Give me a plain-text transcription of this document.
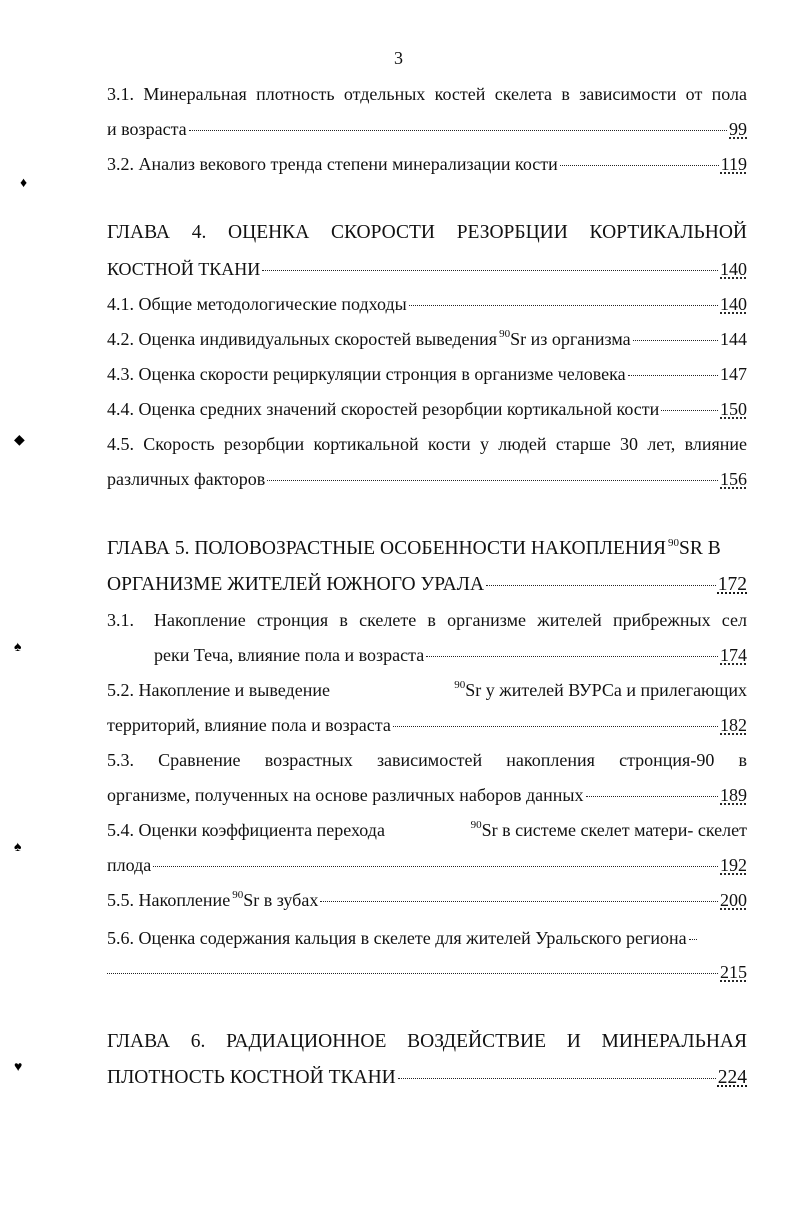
3
3.1. Минеральная плотность отдельных костей скелета в зависимости от пола
и возраста	99
3.2. Анализ векового тренда степени минерализации кости	119
ГЛАВА 4. ОЦЕНКА СКОРОСТИ РЕЗОРБЦИИ КОРТИКАЛЬНОЙ
КОСТНОЙ ТКАНИ	140
4.1. Общие методологические подходы	140
4.2. Оценка индивидуальных скоростей выведения 90 Sr из организма	144
4.3. Оценка скорости рециркуляции стронция в организме человека	147
4.4. Оценка средних значений скоростей резорбции кортикальной кости	150
4.5. Скорость резорбции кортикальной кости у людей старше 30 лет, влияние
различных факторов	156
ГЛАВА 5. ПОЛОВОЗРАСТНЫЕ ОСОБЕННОСТИ НАКОПЛЕНИЯ 90 SR В
ОРГАНИЗМЕ ЖИТЕЛЕЙ ЮЖНОГО УРАЛА	172
3.1.	Накопление стронция в скелете в организме жителей прибрежных сел
реки Теча, влияние пола и возраста	174
5.2. Накопление и выведение	$^{90}$Sr у жителей ВУРСа и прилегающих
территорий, влияние пола и возраста	182
5.3. Сравнение возрастных зависимостей накопления стронция-90 в
организме, полученных на основе различных наборов данных	189
5.4. Оценки коэффициента перехода	$^{90}$Sr в системе скелет матери- скелет
плода	192
5.5. Накопление 90 Sr в зубах	200
5.6. Оценка содержания кальция в скелете для жителей Уральского региона
215
ГЛАВА 6. РАДИАЦИОННОЕ ВОЗДЕЙСТВИЕ И МИНЕРАЛЬНАЯ
ПЛОТНОСТЬ КОСТНОЙ ТКАНИ	224
♦
◆
♠
♠
♥
